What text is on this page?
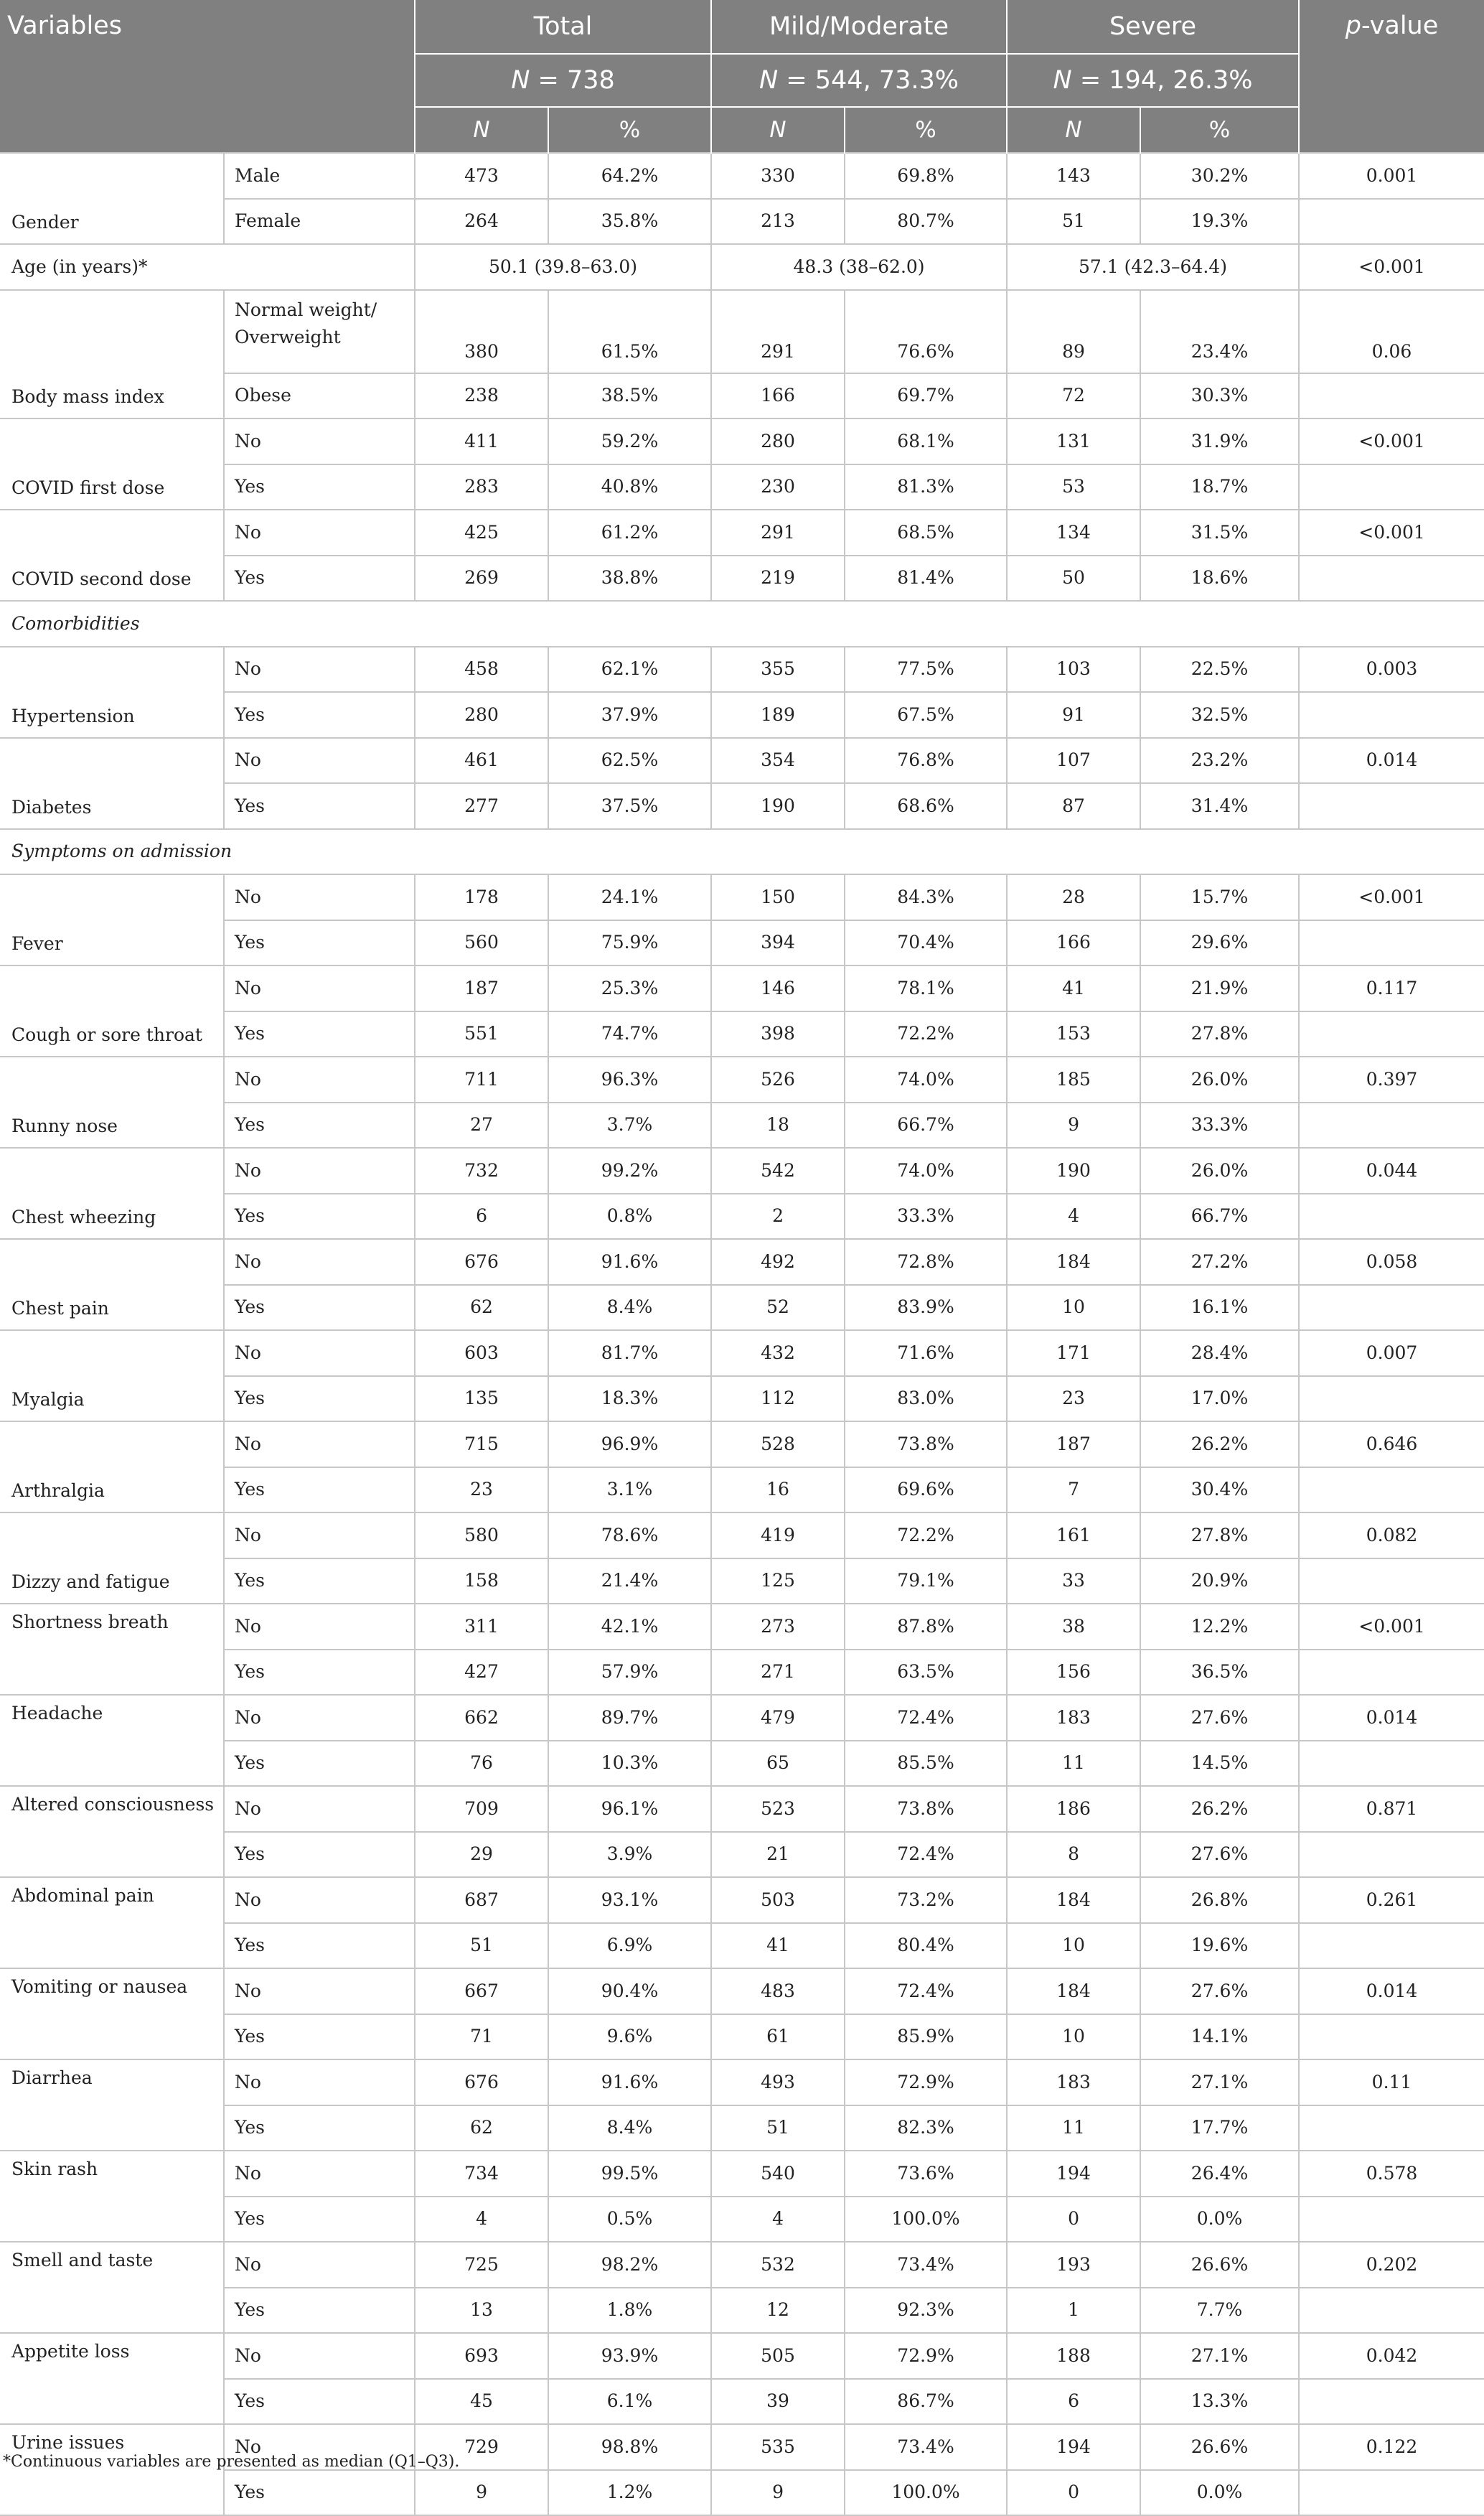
Variables		Total		Mild/Moderate		Severe		p-value
		N = 738		N = 544, 73.3%		N = 194, 26.3%		
		N	%	N	%	N	%	
Gender	Male	473	64.2%	330	69.8%	143	30.2%	0.001
	Female	264	35.8%	213	80.7%	51	19.3%	
Age (in years)*		50.1 (39.8–63.0)		48.3 (38–62.0)		57.1 (42.3–64.4)		<0.001
Body mass index	Normal weight/ Overweight	380	61.5%	291	76.6%	89	23.4%	0.06
	Obese	238	38.5%	166	69.7%	72	30.3%	
COVID first dose	No	411	59.2%	280	68.1%	131	31.9%	<0.001
	Yes	283	40.8%	230	81.3%	53	18.7%	
COVID second dose	No	425	61.2%	291	68.5%	134	31.5%	<0.001
	Yes	269	38.8%	219	81.4%	50	18.6%	
Comorbidities								
Hypertension	No	458	62.1%	355	77.5%	103	22.5%	0.003
	Yes	280	37.9%	189	67.5%	91	32.5%	
Diabetes	No	461	62.5%	354	76.8%	107	23.2%	0.014
	Yes	277	37.5%	190	68.6%	87	31.4%	
Symptoms on admission								
Fever	No	178	24.1%	150	84.3%	28	15.7%	<0.001
	Yes	560	75.9%	394	70.4%	166	29.6%	
Cough or sore throat	No	187	25.3%	146	78.1%	41	21.9%	0.117
	Yes	551	74.7%	398	72.2%	153	27.8%	
Runny nose	No	711	96.3%	526	74.0%	185	26.0%	0.397
	Yes	27	3.7%	18	66.7%	9	33.3%	
Chest wheezing	No	732	99.2%	542	74.0%	190	26.0%	0.044
	Yes	6	0.8%	2	33.3%	4	66.7%	
Chest pain	No	676	91.6%	492	72.8%	184	27.2%	0.058
	Yes	62	8.4%	52	83.9%	10	16.1%	
Myalgia	No	603	81.7%	432	71.6%	171	28.4%	0.007
	Yes	135	18.3%	112	83.0%	23	17.0%	
Arthralgia	No	715	96.9%	528	73.8%	187	26.2%	0.646
	Yes	23	3.1%	16	69.6%	7	30.4%	
Dizzy and fatigue	No	580	78.6%	419	72.2%	161	27.8%	0.082
	Yes	158	21.4%	125	79.1%	33	20.9%	
Shortness breath	No	311	42.1%	273	87.8%	38	12.2%	<0.001
	Yes	427	57.9%	271	63.5%	156	36.5%	
Headache	No	662	89.7%	479	72.4%	183	27.6%	0.014
	Yes	76	10.3%	65	85.5%	11	14.5%	
Altered consciousness	No	709	96.1%	523	73.8%	186	26.2%	0.871
	Yes	29	3.9%	21	72.4%	8	27.6%	
Abdominal pain	No	687	93.1%	503	73.2%	184	26.8%	0.261
	Yes	51	6.9%	41	80.4%	10	19.6%	
Vomiting or nausea	No	667	90.4%	483	72.4%	184	27.6%	0.014
	Yes	71	9.6%	61	85.9%	10	14.1%	
Diarrhea	No	676	91.6%	493	72.9%	183	27.1%	0.11
	Yes	62	8.4%	51	82.3%	11	17.7%	
Skin rash	No	734	99.5%	540	73.6%	194	26.4%	0.578
	Yes	4	0.5%	4	100.0%	0	0.0%	
Smell and taste	No	725	98.2%	532	73.4%	193	26.6%	0.202
	Yes	13	1.8%	12	92.3%	1	7.7%	
Appetite loss	No	693	93.9%	505	72.9%	188	27.1%	0.042
	Yes	45	6.1%	39	86.7%	6	13.3%	
Urine issues	No	729	98.8%	535	73.4%	194	26.6%	0.122
	Yes	9	1.2%	9	100.0%	0	0.0%	
*Continuous variables are presented as median (Q1–Q3).
